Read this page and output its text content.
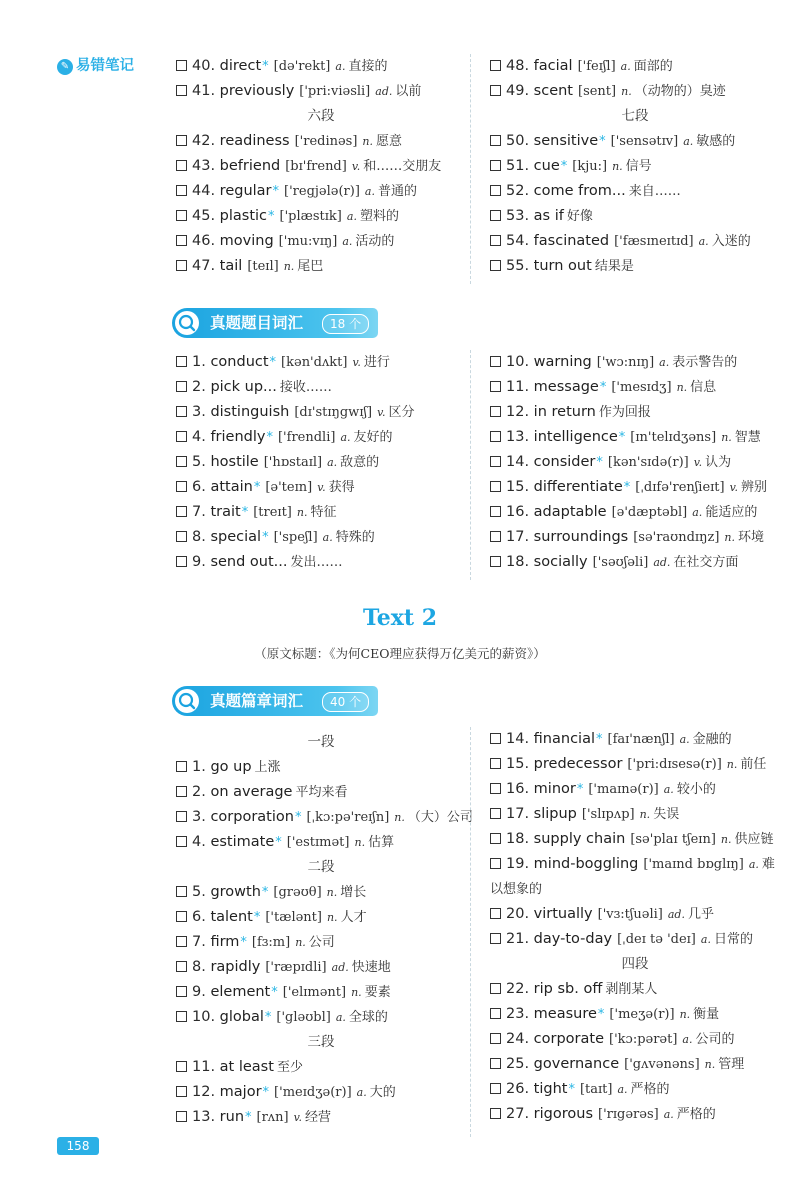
✎ 易错笔记	40. direct* [də'rekt] a. 直接的
41. previously ['pri:viəsli] ad. 以前
六段
42. readiness ['redinəs] n. 愿意
43. befriend [bɪ'frend] v. 和……交朋友
44. regular* ['regjələ(r)] a. 普通的
45. plastic* ['plæstɪk] a. 塑料的
46. moving ['mu:vɪŋ] a. 活动的
47. tail [teɪl] n. 尾巴
48. facial ['feɪʃl] a. 面部的
49. scent [sent] n. （动物的）臭迹
七段
50. sensitive* ['sensətɪv] a. 敏感的
51. cue* [kju:] n. 信号
52. come from... 来自……
53. as if 好像
54. fascinated ['fæsɪneɪtɪd] a. 入迷的
55. turn out 结果是
真题题目词汇	18 个
1. conduct* [kən'dʌkt] v. 进行
2. pick up... 接收……
3. distinguish [dɪ'stɪŋgwɪʃ] v. 区分
4. friendly* ['frendli] a. 友好的
5. hostile ['hɒstaɪl] a. 敌意的
6. attain* [ə'teɪn] v. 获得
7. trait* [treɪt] n. 特征
8. special* ['speʃl] a. 特殊的
9. send out... 发出……
10. warning ['wɔ:nɪŋ] a. 表示警告的
11. message* ['mesɪdʒ] n. 信息
12. in return 作为回报
13. intelligence* [ɪn'telɪdʒəns] n. 智慧
14. consider* [kən'sɪdə(r)] v. 认为
15. differentiate* [ˌdɪfə'renʃieɪt] v. 辨别
16. adaptable [ə'dæptəbl] a. 能适应的
17. surroundings [sə'raʊndɪŋz] n. 环境
18. socially ['səʊʃəli] ad. 在社交方面
Text 2
（原文标题：《为何CEO理应获得万亿美元的薪资》）
真题篇章词汇	40 个
一段
1. go up 上涨
2. on average 平均来看
3. corporation* [ˌkɔ:pə'reɪʃn] n. （大）公司
4. estimate* ['estɪmət] n. 估算
二段
5. growth* [grəʊθ] n. 增长
6. talent* ['tælənt] n. 人才
7. firm* [fɜ:m] n. 公司
8. rapidly ['ræpɪdli] ad. 快速地
9. element* ['elɪmənt] n. 要素
10. global* ['gləʊbl] a. 全球的
三段
11. at least 至少
12. major* ['meɪdʒə(r)] a. 大的
13. run* [rʌn] v. 经营
14. financial* [faɪ'nænʃl] a. 金融的
15. predecessor ['pri:dɪsesə(r)] n. 前任
16. minor* ['maɪnə(r)] a. 较小的
17. slipup ['slɪpʌp] n. 失误
18. supply chain [sə'plaɪ tʃeɪn] n. 供应链
19. mind-boggling ['maɪnd bɒglɪŋ] a. 难以想象的
20. virtually ['vɜ:tʃuəli] ad. 几乎
21. day-to-day [ˌdeɪ tə 'deɪ] a. 日常的
四段
22. rip sb. off 剥削某人
23. measure* ['meʒə(r)] n. 衡量
24. corporate ['kɔ:pərət] a. 公司的
25. governance ['gʌvənəns] n. 管理
26. tight* [taɪt] a. 严格的
27. rigorous ['rɪgərəs] a. 严格的
158
